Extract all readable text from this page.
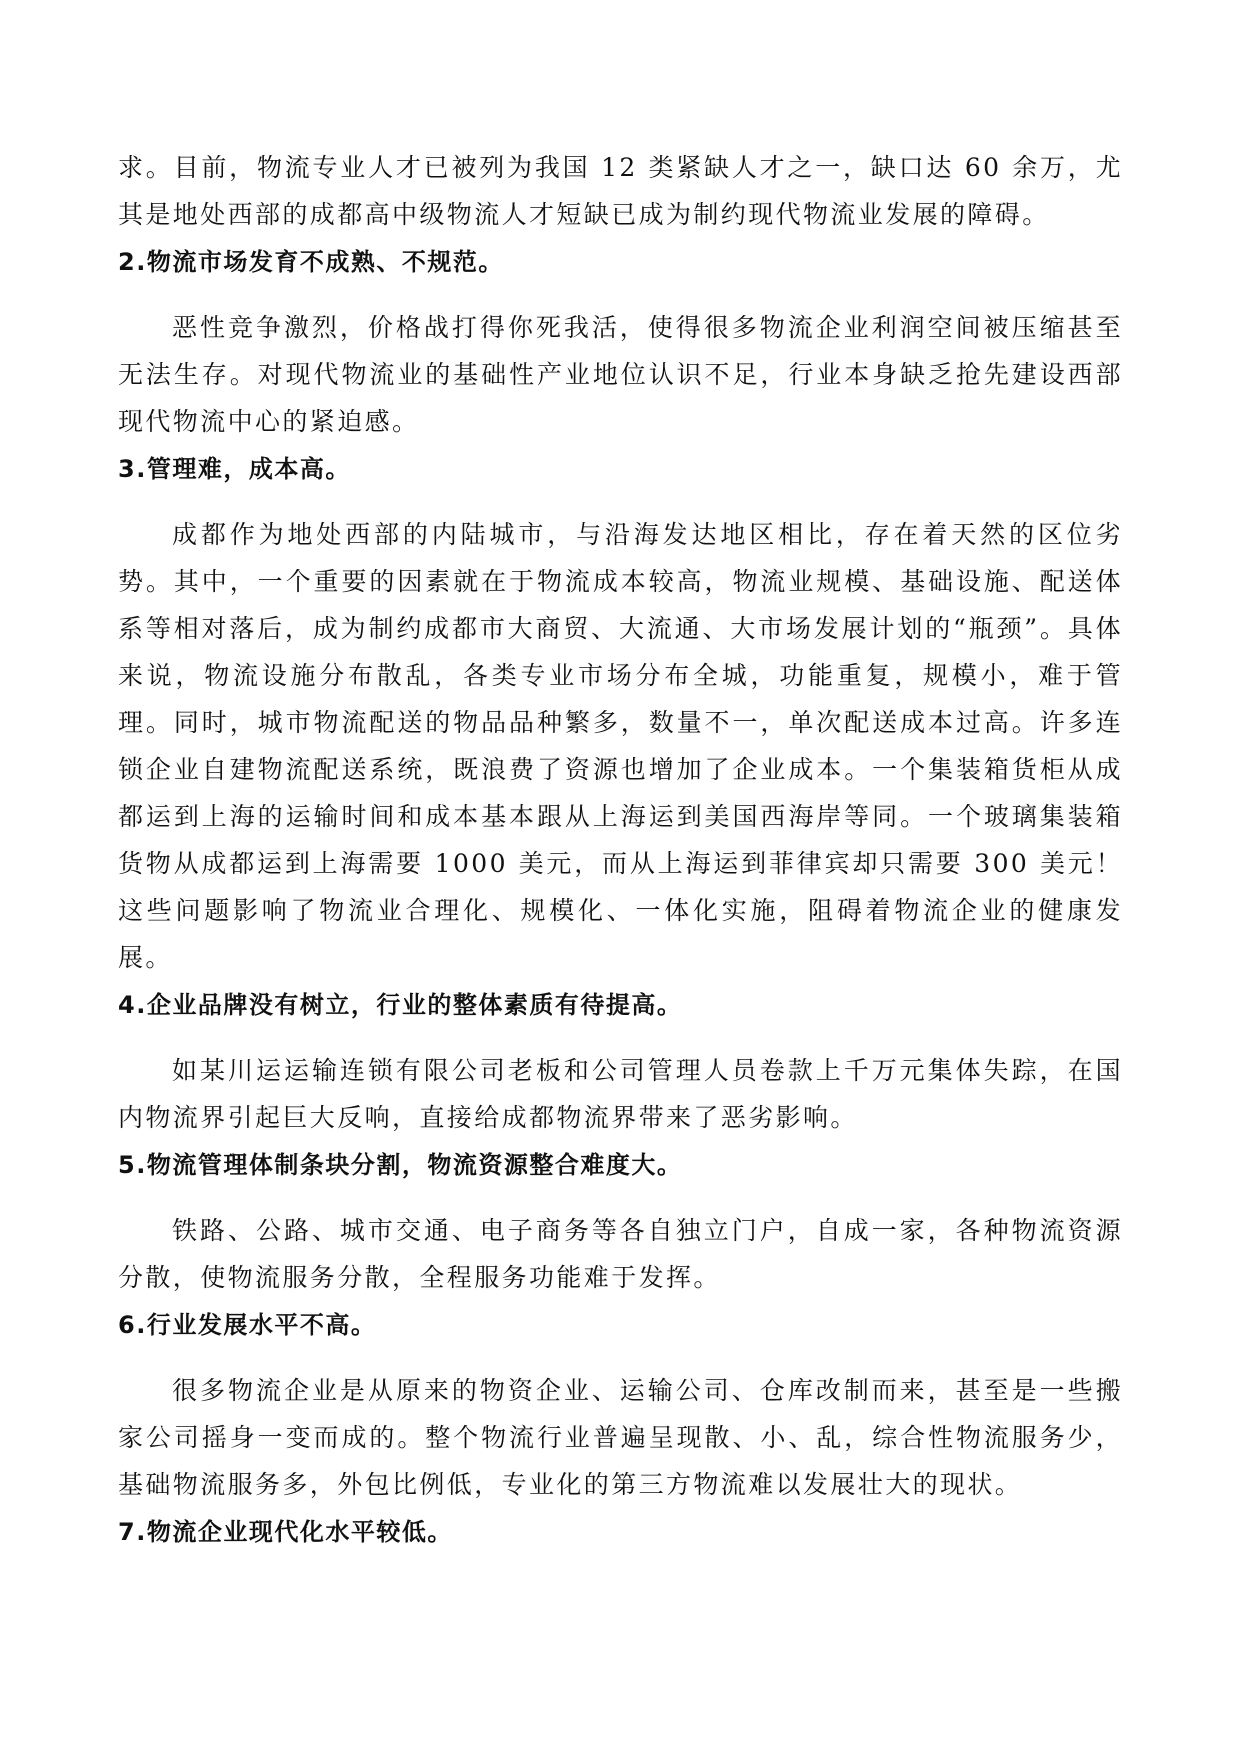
求。目前，物流专业人才已被列为我国 12 类紧缺人才之一，缺口达 60 余万，尤其是地处西部的成都高中级物流人才短缺已成为制约现代物流业发展的障碍。

2.物流市场发育不成熟、不规范。

恶性竞争激烈，价格战打得你死我活，使得很多物流企业利润空间被压缩甚至无法生存。对现代物流业的基础性产业地位认识不足，行业本身缺乏抢先建设西部现代物流中心的紧迫感。

3.管理难，成本高。

成都作为地处西部的内陆城市，与沿海发达地区相比，存在着天然的区位劣势。其中，一个重要的因素就在于物流成本较高，物流业规模、基础设施、配送体系等相对落后，成为制约成都市大商贸、大流通、大市场发展计划的“瓶颈”。具体来说，物流设施分布散乱，各类专业市场分布全城，功能重复，规模小，难于管理。同时，城市物流配送的物品品种繁多，数量不一，单次配送成本过高。许多连锁企业自建物流配送系统，既浪费了资源也增加了企业成本。一个集装箱货柜从成都运到上海的运输时间和成本基本跟从上海运到美国西海岸等同。一个玻璃集装箱货物从成都运到上海需要 1000 美元，而从上海运到菲律宾却只需要 300 美元！这些问题影响了物流业合理化、规模化、一体化实施，阻碍着物流企业的健康发展。

4.企业品牌没有树立，行业的整体素质有待提高。

如某川运运输连锁有限公司老板和公司管理人员卷款上千万元集体失踪，在国内物流界引起巨大反响，直接给成都物流界带来了恶劣影响。

5.物流管理体制条块分割，物流资源整合难度大。

铁路、公路、城市交通、电子商务等各自独立门户，自成一家，各种物流资源分散，使物流服务分散，全程服务功能难于发挥。

6.行业发展水平不高。

很多物流企业是从原来的物资企业、运输公司、仓库改制而来，甚至是一些搬家公司摇身一变而成的。整个物流行业普遍呈现散、小、乱，综合性物流服务少，基础物流服务多，外包比例低，专业化的第三方物流难以发展壮大的现状。

7.物流企业现代化水平较低。
